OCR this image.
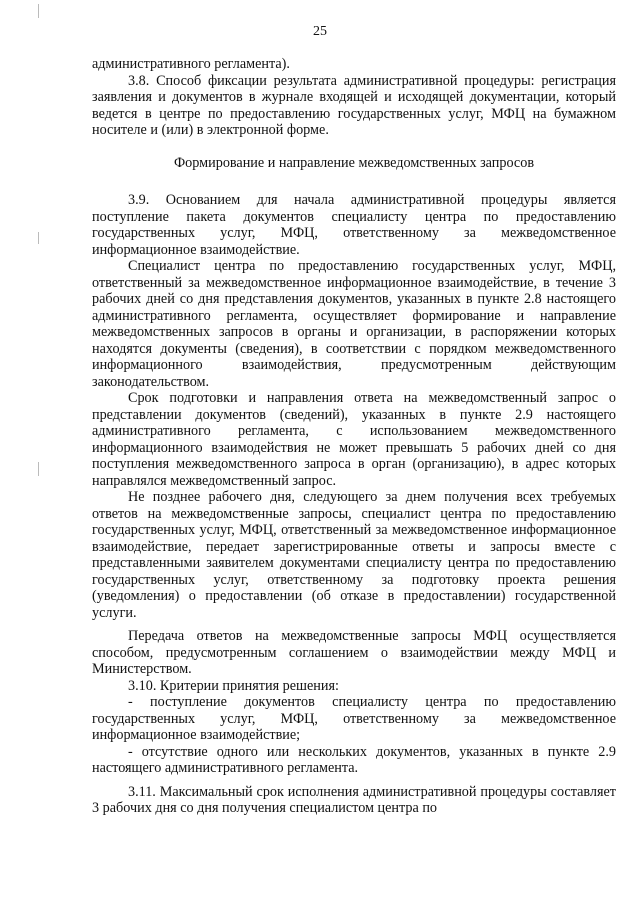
25

административного регламента).

3.8. Способ фиксации результата административной процедуры: регистрация заявления и документов в журнале входящей и исходящей документации, который ведется в центре по предоставлению государственных услуг, МФЦ на бумажном носителе и (или) в электронной форме.

Формирование и направление межведомственных запросов

3.9. Основанием для начала административной процедуры является поступление пакета документов специалисту центра по предоставлению государственных услуг, МФЦ, ответственному за межведомственное информационное взаимодействие.

Специалист центра по предоставлению государственных услуг, МФЦ, ответственный за межведомственное информационное взаимодействие, в течение 3 рабочих дней со дня представления документов, указанных в пункте 2.8 настоящего административного регламента, осуществляет формирование и направление межведомственных запросов в органы и организации, в распоряжении которых находятся документы (сведения), в соответствии с порядком межведомственного информационного взаимодействия, предусмотренным действующим законодательством.

Срок подготовки и направления ответа на межведомственный запрос о представлении документов (сведений), указанных в пункте 2.9 настоящего административного регламента, с использованием межведомственного информационного взаимодействия не может превышать 5 рабочих дней со дня поступления межведомственного запроса в орган (организацию), в адрес которых направлялся межведомственный запрос.

Не позднее рабочего дня, следующего за днем получения всех требуемых ответов на межведомственные запросы, специалист центра по предоставлению государственных услуг, МФЦ, ответственный за межведомственное информационное взаимодействие, передает зарегистрированные ответы и запросы вместе с представленными заявителем документами специалисту центра по предоставлению государственных услуг, ответственному за подготовку проекта решения (уведомления) о предоставлении (об отказе в предоставлении) государственной услуги.

Передача ответов на межведомственные запросы МФЦ осуществляется способом, предусмотренным соглашением о взаимодействии между МФЦ и Министерством.

3.10. Критерии принятия решения:

- поступление документов специалисту центра по предоставлению государственных услуг, МФЦ, ответственному за межведомственное информационное взаимодействие;

- отсутствие одного или нескольких документов, указанных в пункте 2.9 настоящего административного регламента.

3.11. Максимальный срок исполнения административной процедуры составляет 3 рабочих дня со дня получения специалистом центра по
